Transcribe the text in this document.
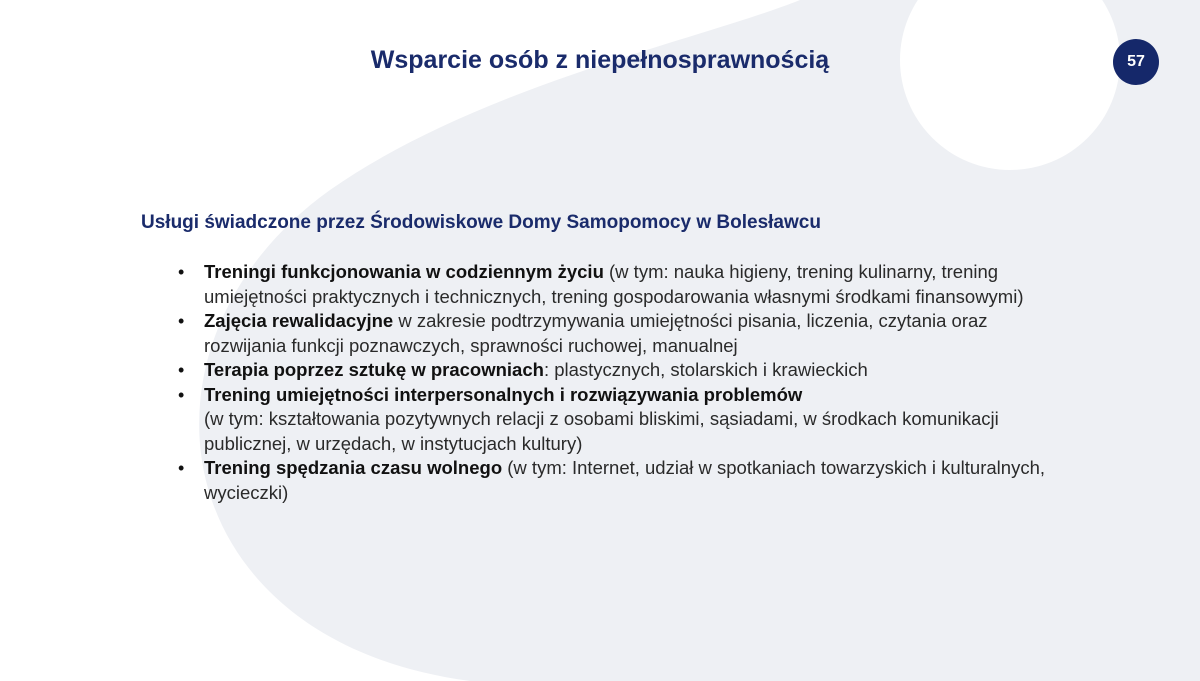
Wsparcie osób z niepełnosprawnością	57
Usługi świadczone przez Środowiskowe Domy Samopomocy w Bolesławcu
• Treningi funkcjonowania w codziennym życiu (w tym: nauka higieny, trening kulinarny, trening umiejętności praktycznych i technicznych, trening gospodarowania własnymi środkami finansowymi)
• Zajęcia rewalidacyjne w zakresie podtrzymywania umiejętności pisania, liczenia, czytania oraz rozwijania funkcji poznawczych, sprawności ruchowej, manualnej
• Terapia poprzez sztukę w pracowniach: plastycznych, stolarskich i krawieckich
• Trening umiejętności interpersonalnych i rozwiązywania problemów
(w tym: kształtowania pozytywnych relacji z osobami bliskimi, sąsiadami, w środkach komunikacji publicznej, w urzędach, w instytucjach kultury)
• Trening spędzania czasu wolnego (w tym: Internet, udział w spotkaniach towarzyskich i kulturalnych, wycieczki)
